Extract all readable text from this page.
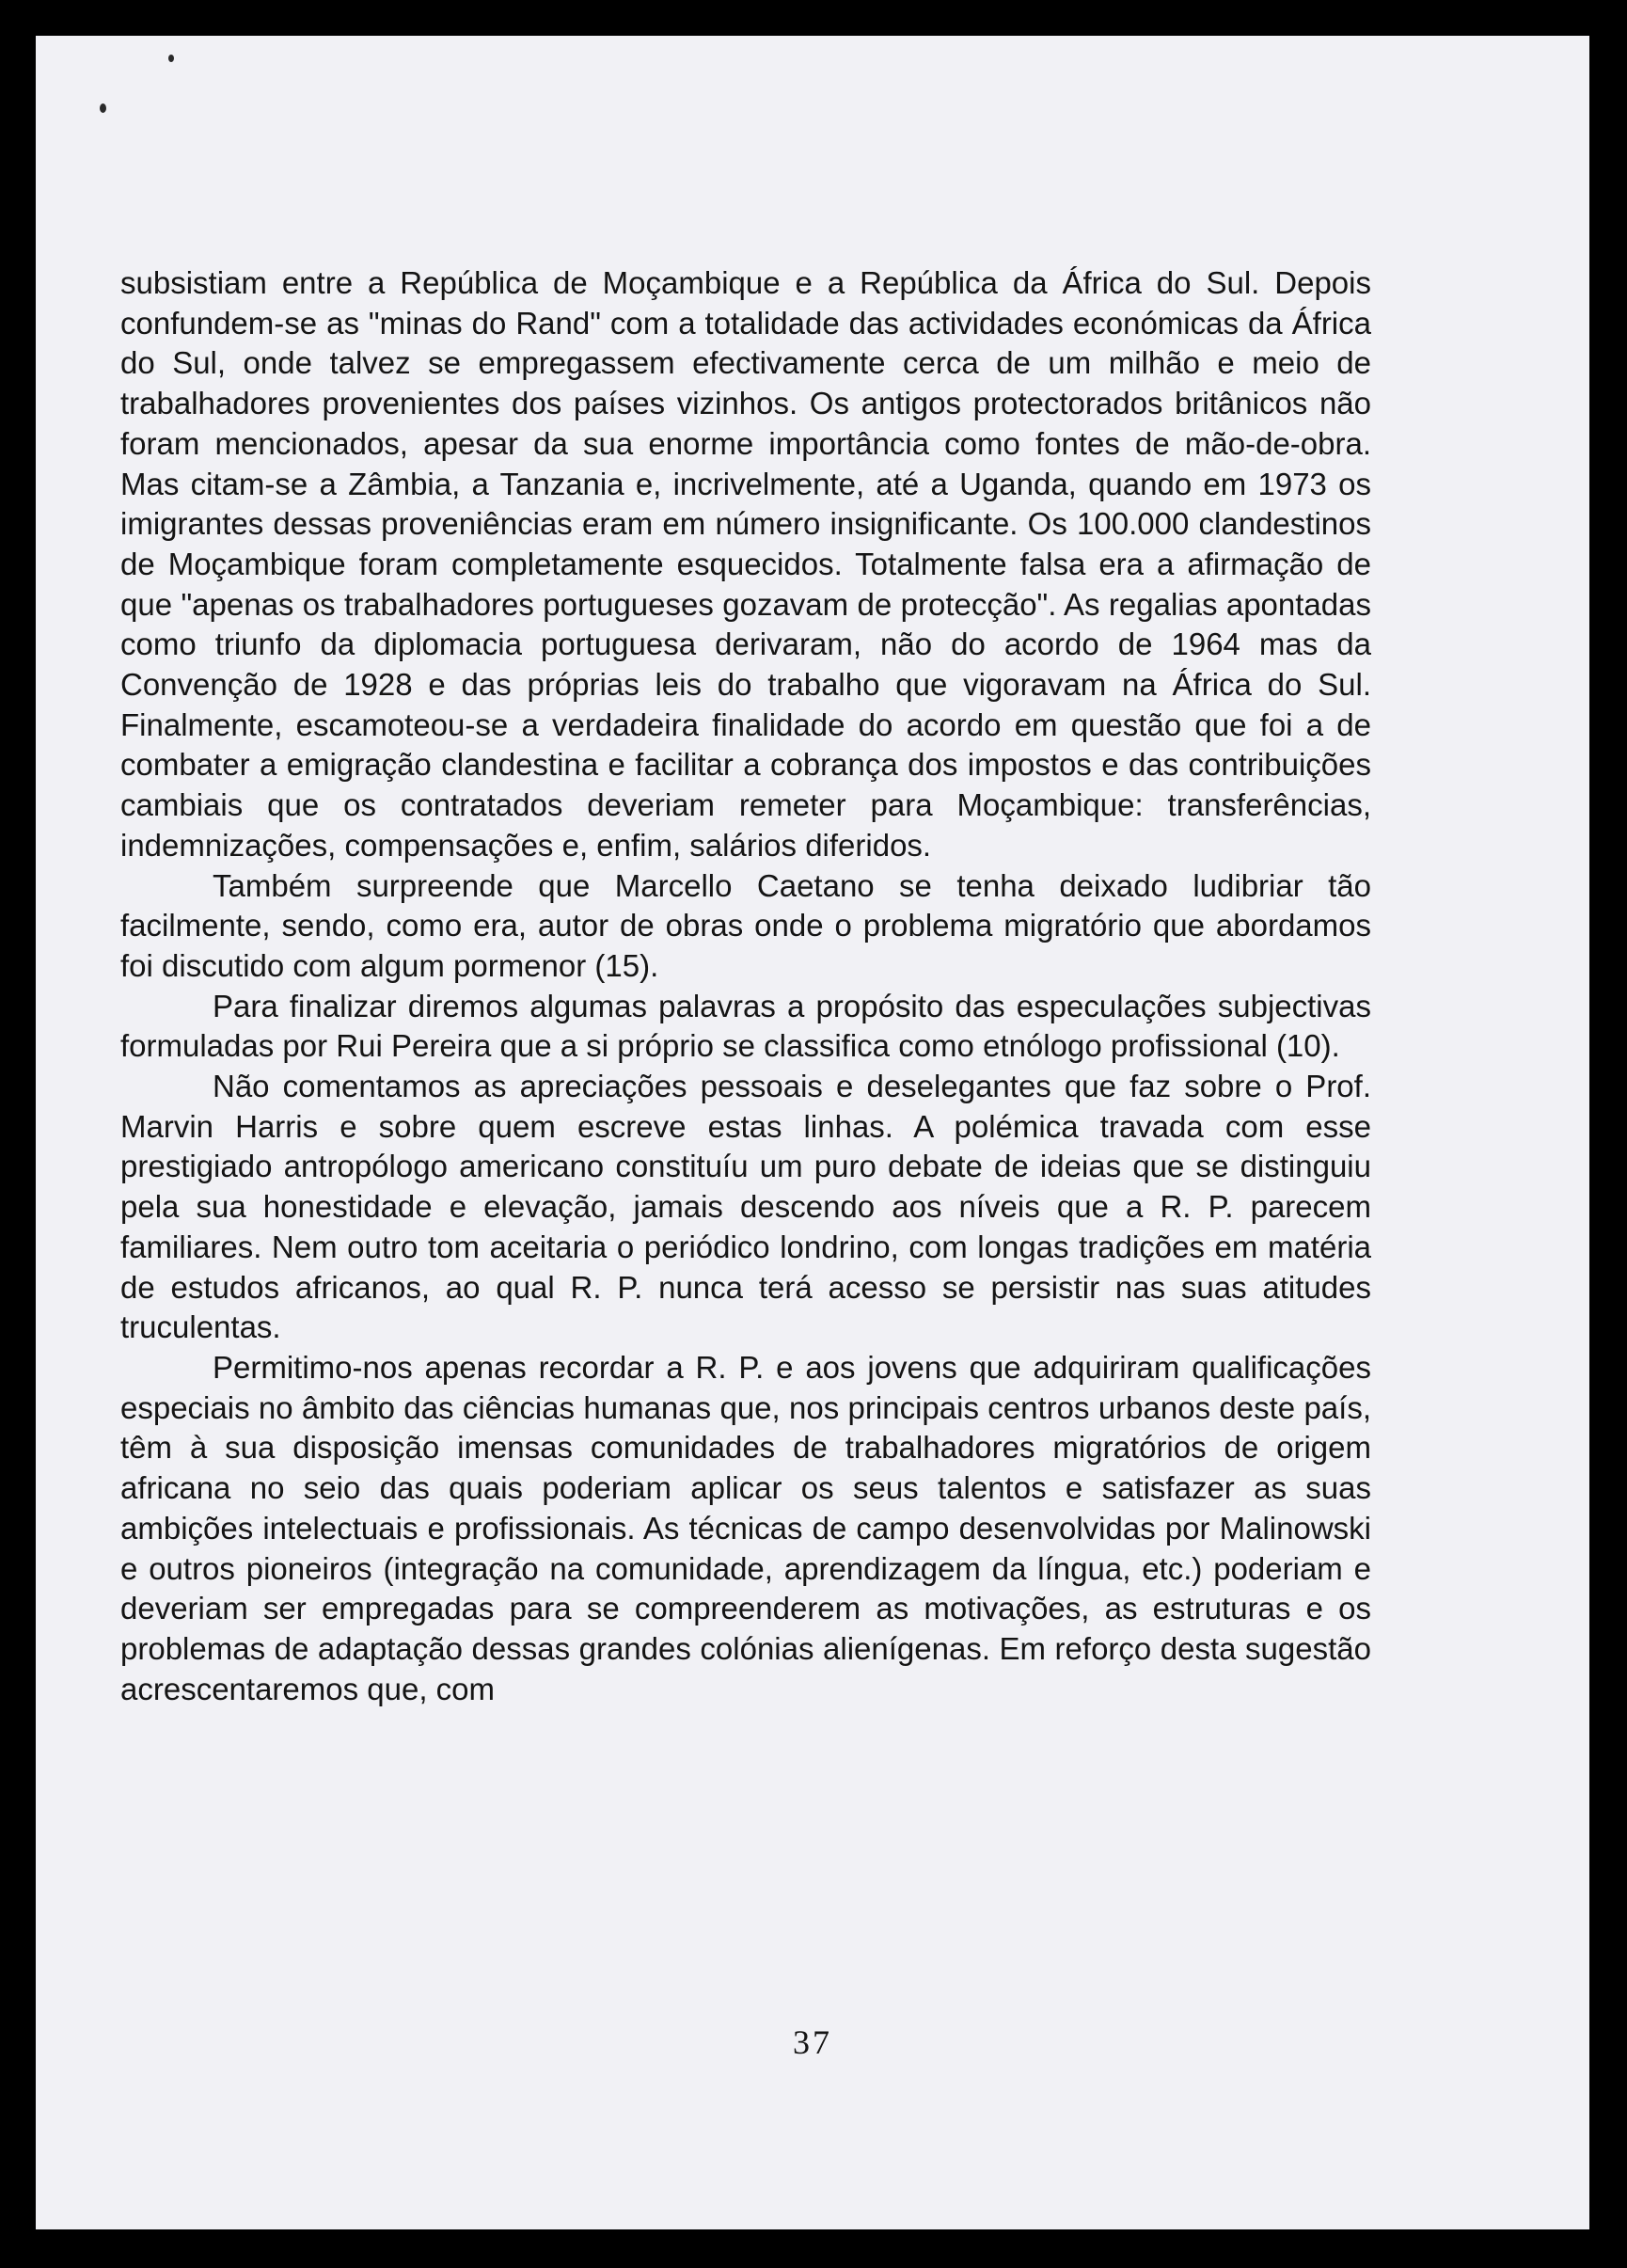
subsistiam entre a República de Moçambique e a República da África do Sul. Depois confundem-se as "minas do Rand" com a totalidade das actividades económicas da África do Sul, onde talvez se empregassem efectivamente cerca de um milhão e meio de trabalhadores provenientes dos países vizinhos. Os antigos protectorados britânicos não foram mencionados, apesar da sua enorme importância como fontes de mão-de-obra. Mas citam-se a Zâmbia, a Tanzania e, incrivelmente, até a Uganda, quando em 1973 os imigrantes dessas proveniências eram em número insignificante. Os 100.000 clandestinos de Moçambique foram completamente esquecidos. Totalmente falsa era a afirmação de que "apenas os trabalhadores portugueses gozavam de protecção". As regalias apontadas como triunfo da diplomacia portuguesa derivaram, não do acordo de 1964 mas da Convenção de 1928 e das próprias leis do trabalho que vigoravam na África do Sul. Finalmente, escamoteou-se a verdadeira finalidade do acordo em questão que foi a de combater a emigração clandestina e facilitar a cobrança dos impostos e das contribuições cambiais que os contratados deveriam remeter para Moçambique: transferências, indemnizações, compensações e, enfim, salários diferidos.

Também surpreende que Marcello Caetano se tenha deixado ludibriar tão facilmente, sendo, como era, autor de obras onde o problema migratório que abordamos foi discutido com algum pormenor (15).

Para finalizar diremos algumas palavras a propósito das especulações subjectivas formuladas por Rui Pereira que a si próprio se classifica como etnólogo profissional (10).

Não comentamos as apreciações pessoais e deselegantes que faz sobre o Prof. Marvin Harris e sobre quem escreve estas linhas. A polémica travada com esse prestigiado antropólogo americano constituíu um puro debate de ideias que se distinguiu pela sua honestidade e elevação, jamais descendo aos níveis que a R. P. parecem familiares. Nem outro tom aceitaria o periódico londrino, com longas tradições em matéria de estudos africanos, ao qual R. P. nunca terá acesso se persistir nas suas atitudes truculentas.

Permitimo-nos apenas recordar a R. P. e aos jovens que adquiriram qualificações especiais no âmbito das ciências humanas que, nos principais centros urbanos deste país, têm à sua disposição imensas comunidades de trabalhadores migratórios de origem africana no seio das quais poderiam aplicar os seus talentos e satisfazer as suas ambições intelectuais e profissionais. As técnicas de campo desenvolvidas por Malinowski e outros pioneiros (integração na comunidade, aprendizagem da língua, etc.) poderiam e deveriam ser empregadas para se compreenderem as motivações, as estruturas e os problemas de adaptação dessas grandes colónias alienígenas. Em reforço desta sugestão acrescentaremos que, com

37
